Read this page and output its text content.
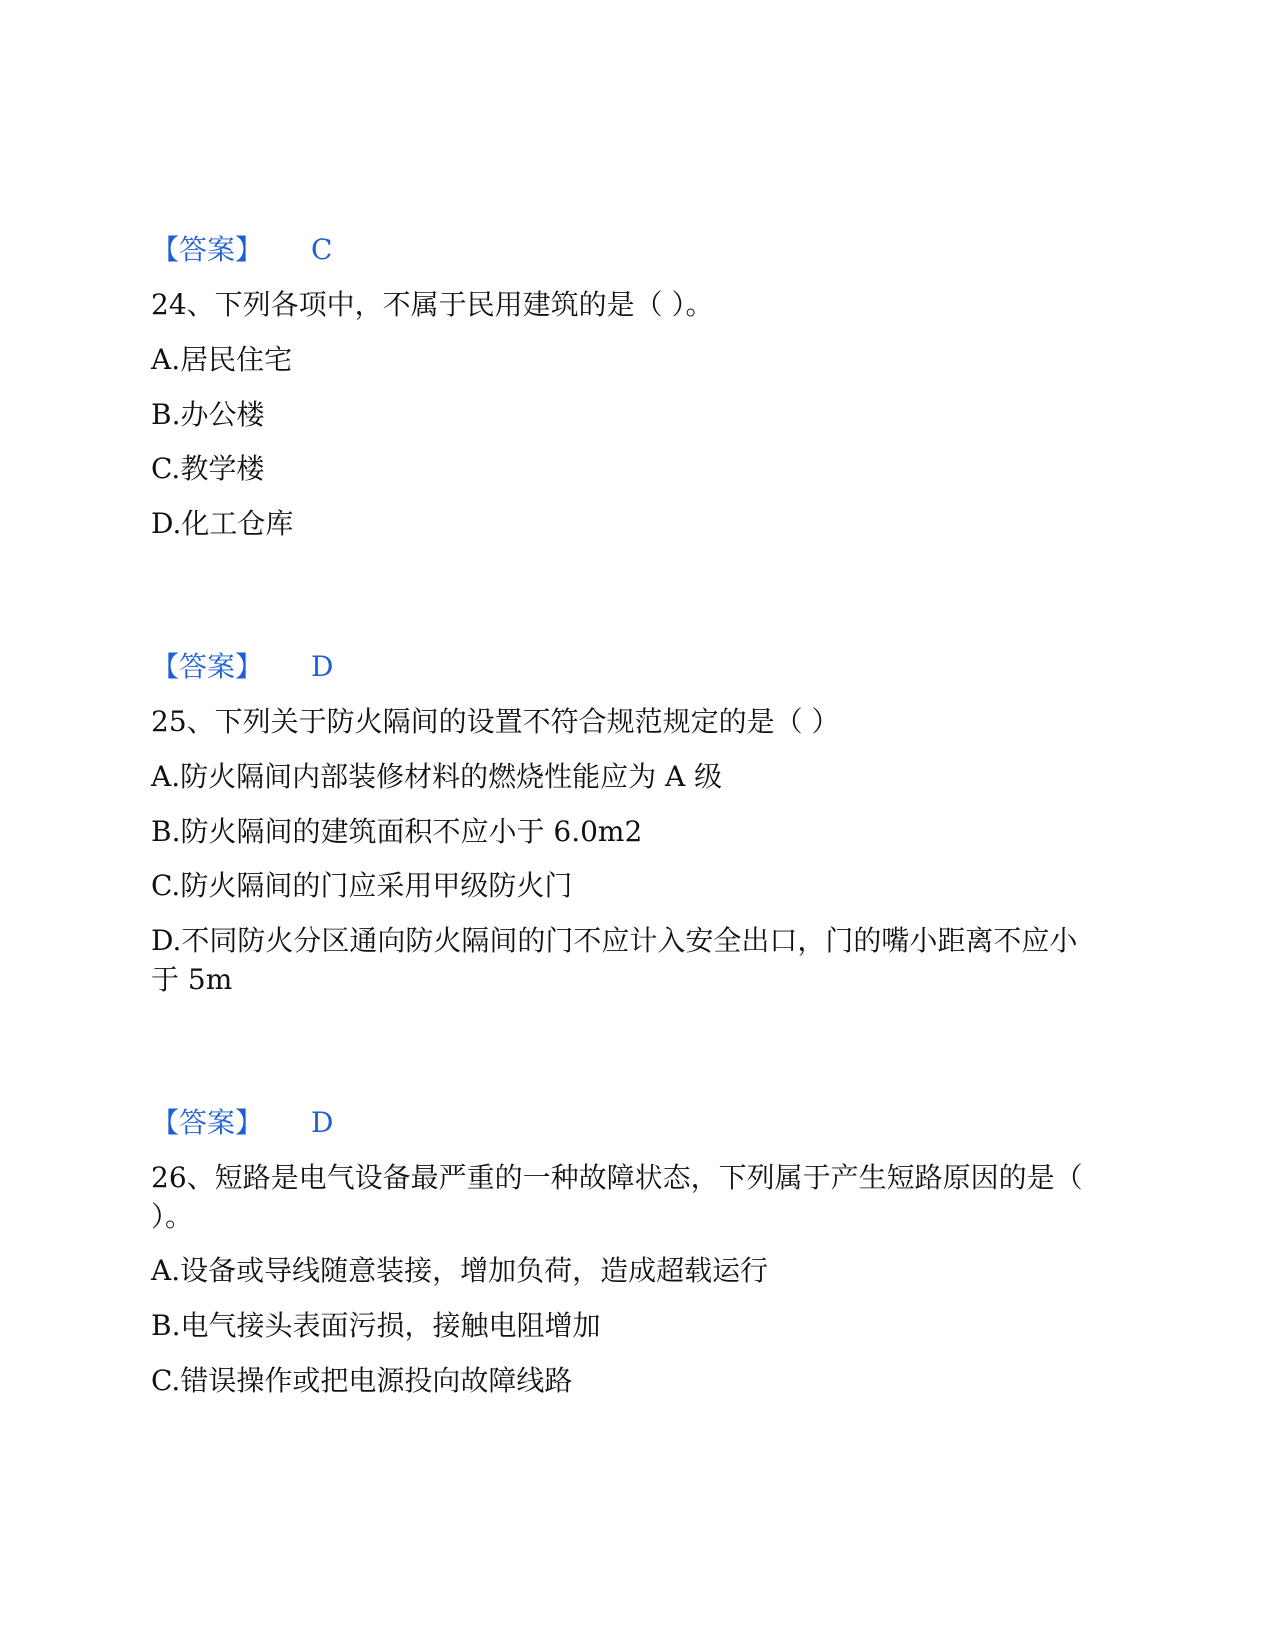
【答案】 C
24、下列各项中，不属于民用建筑的是（ ）。
A.居民住宅
B.办公楼
C.教学楼
D.化工仓库
【答案】 D
25、下列关于防火隔间的设置不符合规范规定的是（ ）
A.防火隔间内部装修材料的燃烧性能应为 A 级
B.防火隔间的建筑面积不应小于 6.0m2
C.防火隔间的门应采用甲级防火门
D.不同防火分区通向防火隔间的门不应计入安全出口，门的嘴小距离不应小
于 5m
【答案】 D
26、短路是电气设备最严重的一种故障状态，下列属于产生短路原因的是（
）。
A.设备或导线随意装接，增加负荷，造成超载运行
B.电气接头表面污损，接触电阻增加
C.错误操作或把电源投向故障线路
